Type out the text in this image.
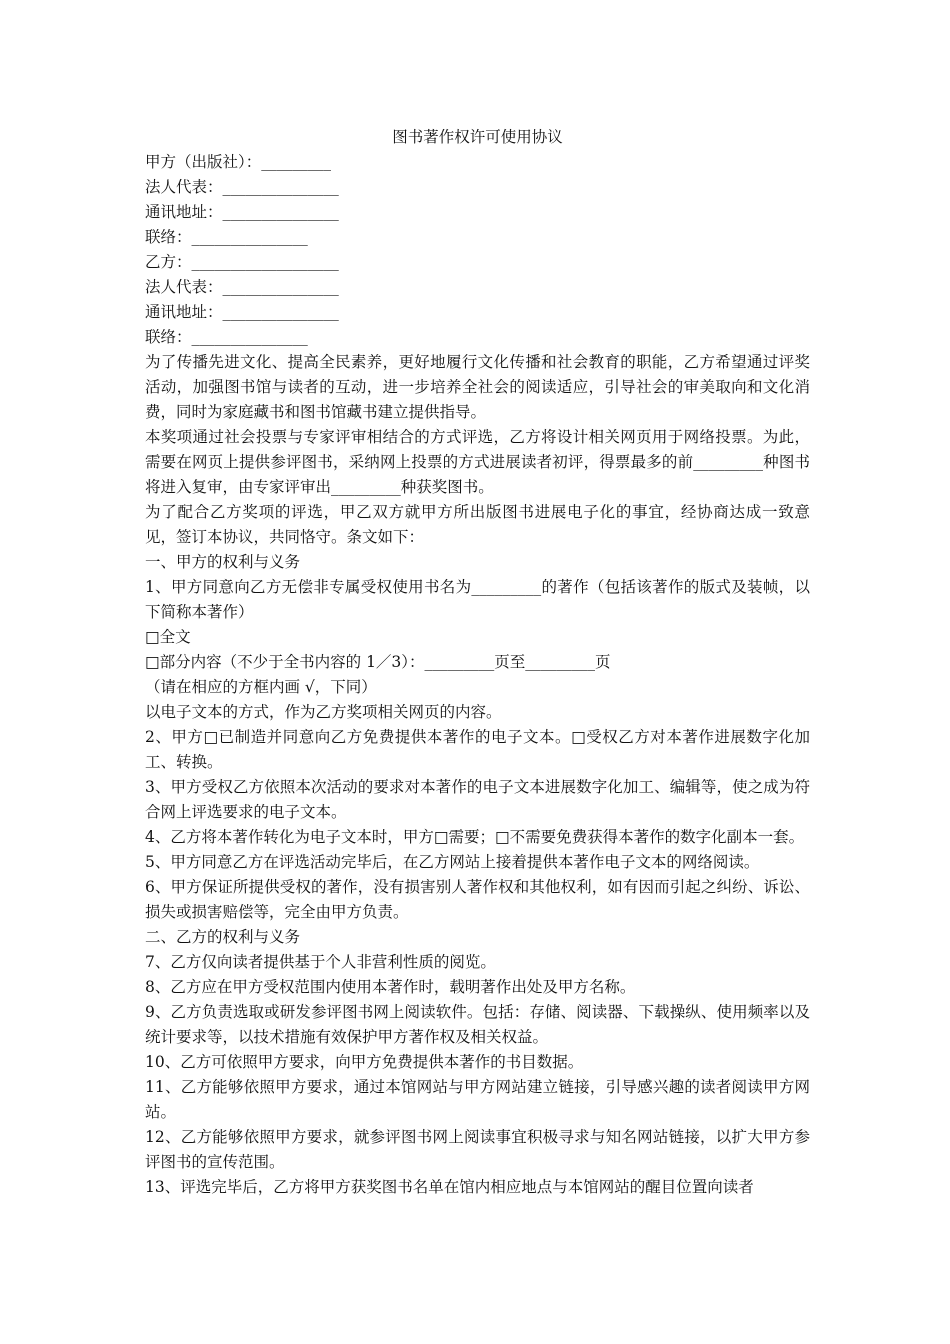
图书著作权许可使用协议

甲方（出版社）：_________

法人代表：_______________

通讯地址：_______________

联络：_______________

乙方：___________________

法人代表：_______________

通讯地址：_______________

联络：_______________

为了传播先进文化、提高全民素养，更好地履行文化传播和社会教育的职能，乙方希望通过评奖活动，加强图书馆与读者的互动，进一步培养全社会的阅读适应，引导社会的审美取向和文化消费，同时为家庭藏书和图书馆藏书建立提供指导。

本奖项通过社会投票与专家评审相结合的方式评选，乙方将设计相关网页用于网络投票。为此，需要在网页上提供参评图书，采纳网上投票的方式进展读者初评，得票最多的前_________种图书将进入复审，由专家评审出_________种获奖图书。

为了配合乙方奖项的评选，甲乙双方就甲方所出版图书进展电子化的事宜，经协商达成一致意见，签订本协议，共同恪守。条文如下：

一、甲方的权利与义务

1、甲方同意向乙方无偿非专属受权使用书名为_________的著作（包括该著作的版式及装帧，以下简称本著作）

□全文

□部分内容（不少于全书内容的 1／3）：_________页至_________页

（请在相应的方框内画 √，下同）

以电子文本的方式，作为乙方奖项相关网页的内容。

2、甲方□已制造并同意向乙方免费提供本著作的电子文本。□受权乙方对本著作进展数字化加工、转换。

3、甲方受权乙方依照本次活动的要求对本著作的电子文本进展数字化加工、编辑等，使之成为符合网上评选要求的电子文本。

4、乙方将本著作转化为电子文本时，甲方□需要；□不需要免费获得本著作的数字化副本一套。

5、甲方同意乙方在评选活动完毕后，在乙方网站上接着提供本著作电子文本的网络阅读。

6、甲方保证所提供受权的著作，没有损害别人著作权和其他权利，如有因而引起之纠纷、诉讼、损失或损害赔偿等，完全由甲方负责。

二、乙方的权利与义务

7、乙方仅向读者提供基于个人非营利性质的阅览。

8、乙方应在甲方受权范围内使用本著作时，载明著作出处及甲方名称。

9、乙方负责选取或研发参评图书网上阅读软件。包括：存储、阅读器、下载操纵、使用频率以及统计要求等，以技术措施有效保护甲方著作权及相关权益。

10、乙方可依照甲方要求，向甲方免费提供本著作的书目数据。

11、乙方能够依照甲方要求，通过本馆网站与甲方网站建立链接，引导感兴趣的读者阅读甲方网站。

12、乙方能够依照甲方要求，就参评图书网上阅读事宜积极寻求与知名网站链接，以扩大甲方参评图书的宣传范围。

13、评选完毕后，乙方将甲方获奖图书名单在馆内相应地点与本馆网站的醒目位置向读者
